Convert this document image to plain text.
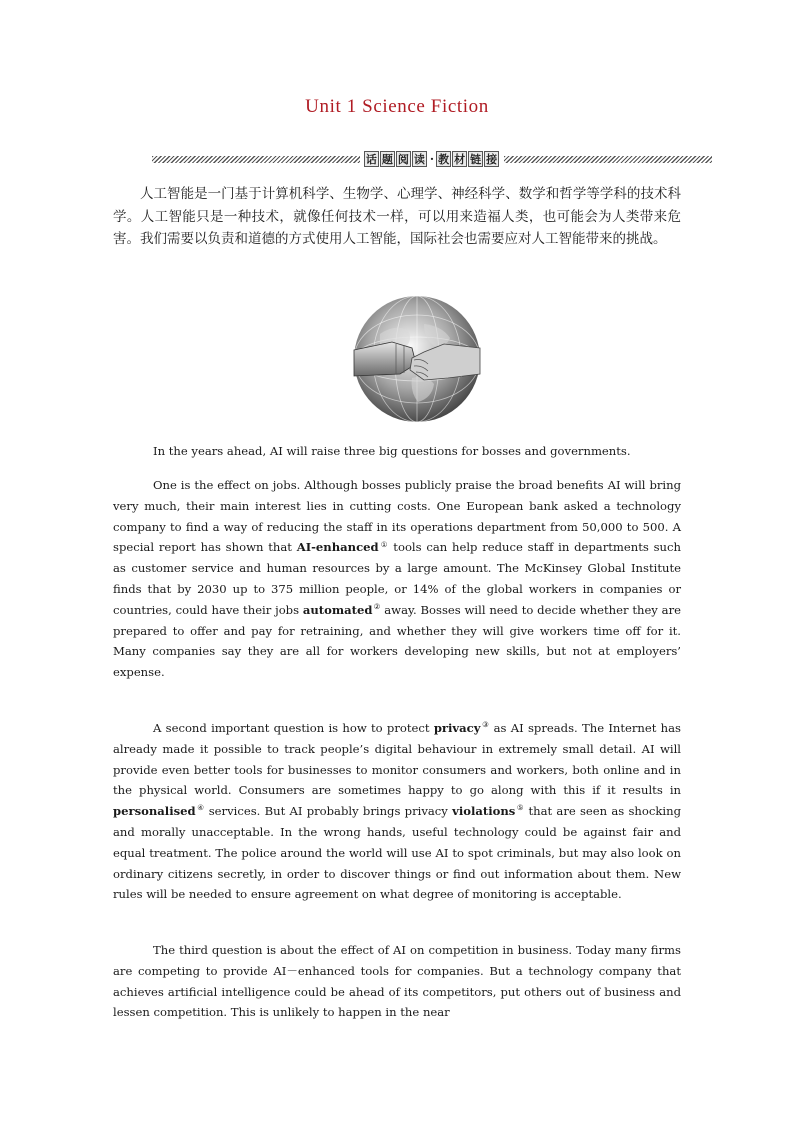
Unit 1 Science Fiction
话 题 阅 读 · 教 材 链 接

人工智能是一门基于计算机科学、生物学、心理学、神经科学、数学和哲学等学科的技术科学。人工智能只是一种技术，就像任何技术一样，可以用来造福人类，也可能会为人类带来危害。我们需要以负责和道德的方式使用人工智能，国际社会也需要应对人工智能带来的挑战。

In the years ahead, AI will raise three big questions for bosses and governments.

One is the effect on jobs. Although bosses publicly praise the broad benefits AI will bring very much, their main interest lies in cutting costs. One European bank asked a technology company to find a way of reducing the staff in its operations department from 50,000 to 500. A special report has shown that AI-enhanced① tools can help reduce staff in departments such as customer service and human resources by a large amount. The McKinsey Global Institute finds that by 2030 up to 375 million people, or 14% of the global workers in companies or countries, could have their jobs automated② away. Bosses will need to decide whether they are prepared to offer and pay for retraining, and whether they will give workers time off for it. Many companies say they are all for workers developing new skills, but not at employers’ expense.

A second important question is how to protect privacy③ as AI spreads. The Internet has already made it possible to track people’s digital behaviour in extremely small detail. AI will provide even better tools for businesses to monitor consumers and workers, both online and in the physical world. Consumers are sometimes happy to go along with this if it results in personalised④ services. But AI probably brings privacy violations⑤ that are seen as shocking and morally unacceptable. In the wrong hands, useful technology could be against fair and equal treatment. The police around the world will use AI to spot criminals, but may also look on ordinary citizens secretly, in order to discover things or find out information about them. New rules will be needed to ensure agreement on what degree of monitoring is acceptable.

The third question is about the effect of AI on competition in business. Today many firms are competing to provide AI－enhanced tools for companies. But a technology company that achieves artificial intelligence could be ahead of its competitors, put others out of business and lessen competition. This is unlikely to happen in the near
